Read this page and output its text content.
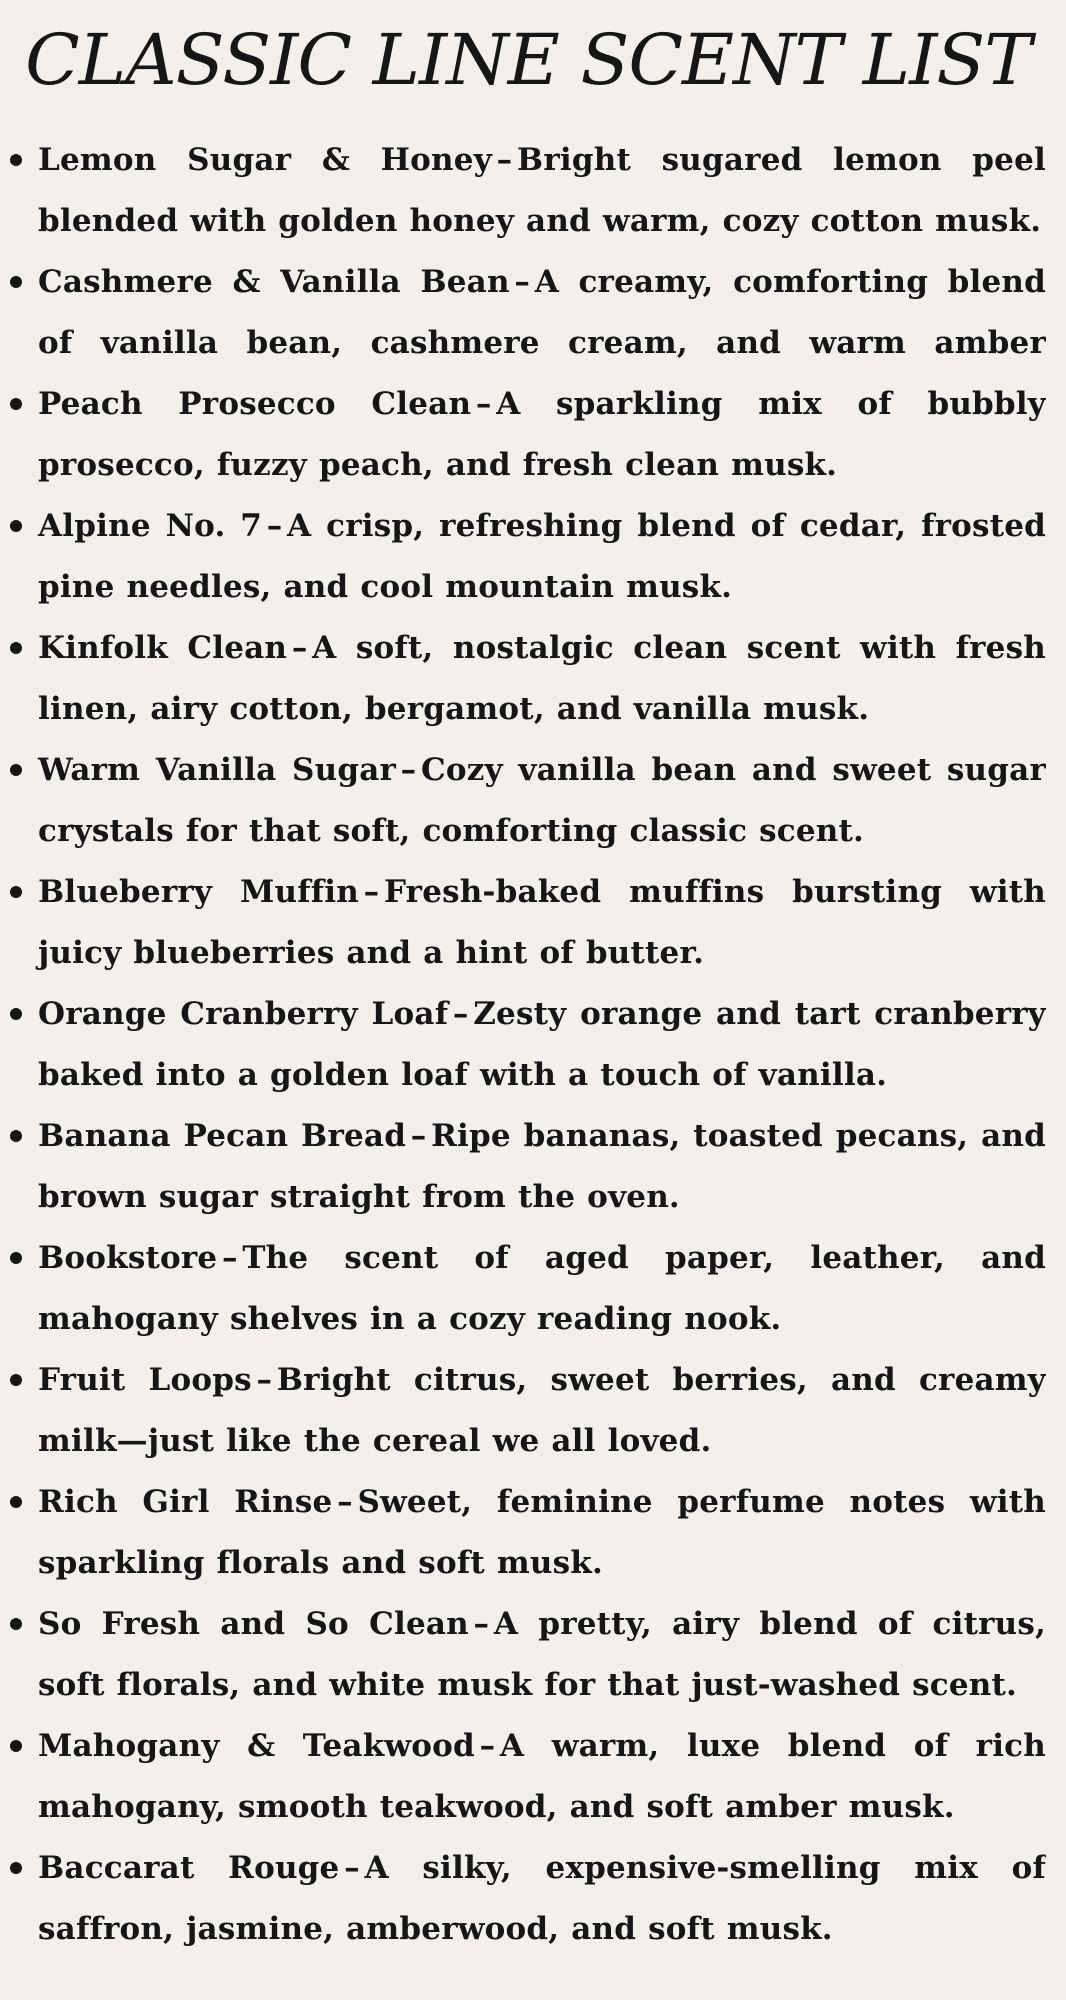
CLASSIC LINE SCENT LIST
Lemon Sugar & Honey – Bright sugared lemon peel blended with golden honey and warm, cozy cotton musk.
Cashmere & Vanilla Bean – A creamy, comforting blend of vanilla bean, cashmere cream, and warm amber
Peach Prosecco Clean – A sparkling mix of bubbly prosecco, fuzzy peach, and fresh clean musk.
Alpine No. 7 – A crisp, refreshing blend of cedar, frosted pine needles, and cool mountain musk.
Kinfolk Clean – A soft, nostalgic clean scent with fresh linen, airy cotton, bergamot, and vanilla musk.
Warm Vanilla Sugar – Cozy vanilla bean and sweet sugar crystals for that soft, comforting classic scent.
Blueberry Muffin – Fresh-baked muffins bursting with juicy blueberries and a hint of butter.
Orange Cranberry Loaf – Zesty orange and tart cranberry baked into a golden loaf with a touch of vanilla.
Banana Pecan Bread – Ripe bananas, toasted pecans, and brown sugar straight from the oven.
Bookstore – The scent of aged paper, leather, and mahogany shelves in a cozy reading nook.
Fruit Loops – Bright citrus, sweet berries, and creamy milk—just like the cereal we all loved.
Rich Girl Rinse – Sweet, feminine perfume notes with sparkling florals and soft musk.
So Fresh and So Clean – A pretty, airy blend of citrus, soft florals, and white musk for that just-washed scent.
Mahogany & Teakwood – A warm, luxe blend of rich mahogany, smooth teakwood, and soft amber musk.
Baccarat Rouge – A silky, expensive-smelling mix of saffron, jasmine, amberwood, and soft musk.
